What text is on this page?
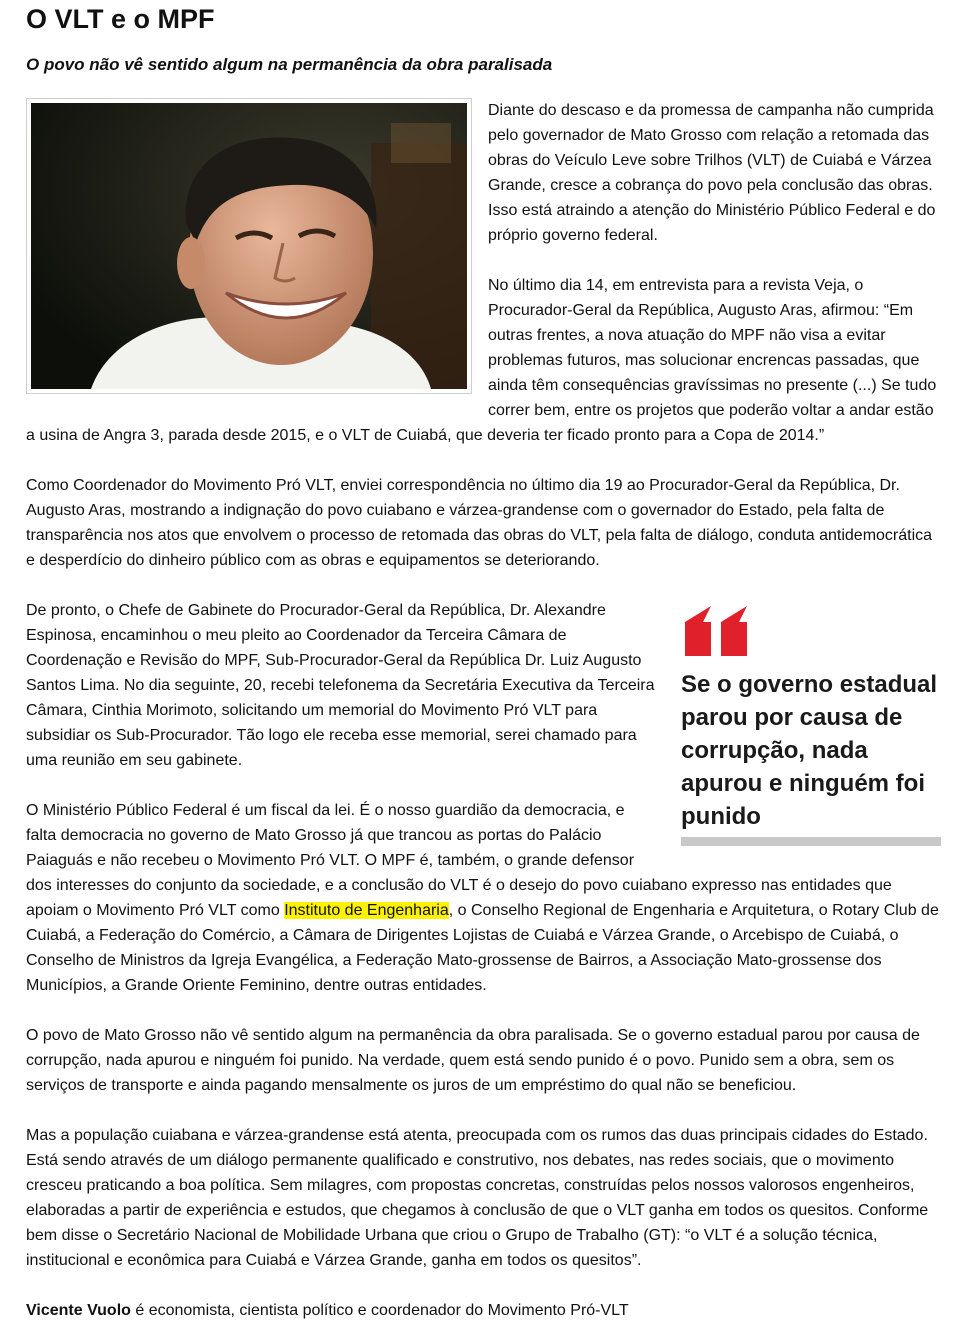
O VLT e o MPF
O povo não vê sentido algum na permanência da obra paralisada

Diante do descaso e da promessa de campanha não cumprida pelo governador de Mato Grosso com relação a retomada das obras do Veículo Leve sobre Trilhos (VLT) de Cuiabá e Várzea Grande, cresce a cobrança do povo pela conclusão das obras. Isso está atraindo a atenção do Ministério Público Federal e do próprio governo federal.

No último dia 14, em entrevista para a revista Veja, o Procurador-Geral da República, Augusto Aras, afirmou: “Em outras frentes, a nova atuação do MPF não visa a evitar problemas futuros, mas solucionar encrencas passadas, que ainda têm consequências gravíssimas no presente (...) Se tudo correr bem, entre os projetos que poderão voltar a andar estão a usina de Angra 3, parada desde 2015, e o VLT de Cuiabá, que deveria ter ficado pronto para a Copa de 2014.”

Como Coordenador do Movimento Pró VLT, enviei correspondência no último dia 19 ao Procurador-Geral da República, Dr. Augusto Aras, mostrando a indignação do povo cuiabano e várzea-grandense com o governador do Estado, pela falta de transparência nos atos que envolvem o processo de retomada das obras do VLT, pela falta de diálogo, conduta antidemocrática e desperdício do dinheiro público com as obras e equipamentos se deteriorando.

Se o governo estadual parou por causa de corrupção, nada apurou e ninguém foi punido

De pronto, o Chefe de Gabinete do Procurador-Geral da República, Dr. Alexandre Espinosa, encaminhou o meu pleito ao Coordenador da Terceira Câmara de Coordenação e Revisão do MPF, Sub-Procurador-Geral da República Dr. Luiz Augusto Santos Lima. No dia seguinte, 20, recebi telefonema da Secretária Executiva da Terceira Câmara, Cinthia Morimoto, solicitando um memorial do Movimento Pró VLT para subsidiar os Sub-Procurador. Tão logo ele receba esse memorial, serei chamado para uma reunião em seu gabinete.

O Ministério Público Federal é um fiscal da lei. É o nosso guardião da democracia, e falta democracia no governo de Mato Grosso já que trancou as portas do Palácio Paiaguás e não recebeu o Movimento Pró VLT. O MPF é, também, o grande defensor dos interesses do conjunto da sociedade, e a conclusão do VLT é o desejo do povo cuiabano expresso nas entidades que apoiam o Movimento Pró VLT como Instituto de Engenharia, o Conselho Regional de Engenharia e Arquitetura, o Rotary Club de Cuiabá, a Federação do Comércio, a Câmara de Dirigentes Lojistas de Cuiabá e Várzea Grande, o Arcebispo de Cuiabá, o Conselho de Ministros da Igreja Evangélica, a Federação Mato-grossense de Bairros, a Associação Mato-grossense dos Municípios, a Grande Oriente Feminino, dentre outras entidades.

O povo de Mato Grosso não vê sentido algum na permanência da obra paralisada. Se o governo estadual parou por causa de corrupção, nada apurou e ninguém foi punido. Na verdade, quem está sendo punido é o povo. Punido sem a obra, sem os serviços de transporte e ainda pagando mensalmente os juros de um empréstimo do qual não se beneficiou.

Mas a população cuiabana e várzea-grandense está atenta, preocupada com os rumos das duas principais cidades do Estado. Está sendo através de um diálogo permanente qualificado e construtivo, nos debates, nas redes sociais, que o movimento cresceu praticando a boa política. Sem milagres, com propostas concretas, construídas pelos nossos valorosos engenheiros, elaboradas a partir de experiência e estudos, que chegamos à conclusão de que o VLT ganha em todos os quesitos. Conforme bem disse o Secretário Nacional de Mobilidade Urbana que criou o Grupo de Trabalho (GT): “o VLT é a solução técnica, institucional e econômica para Cuiabá e Várzea Grande, ganha em todos os quesitos”.

Vicente Vuolo é economista, cientista político e coordenador do Movimento Pró-VLT
